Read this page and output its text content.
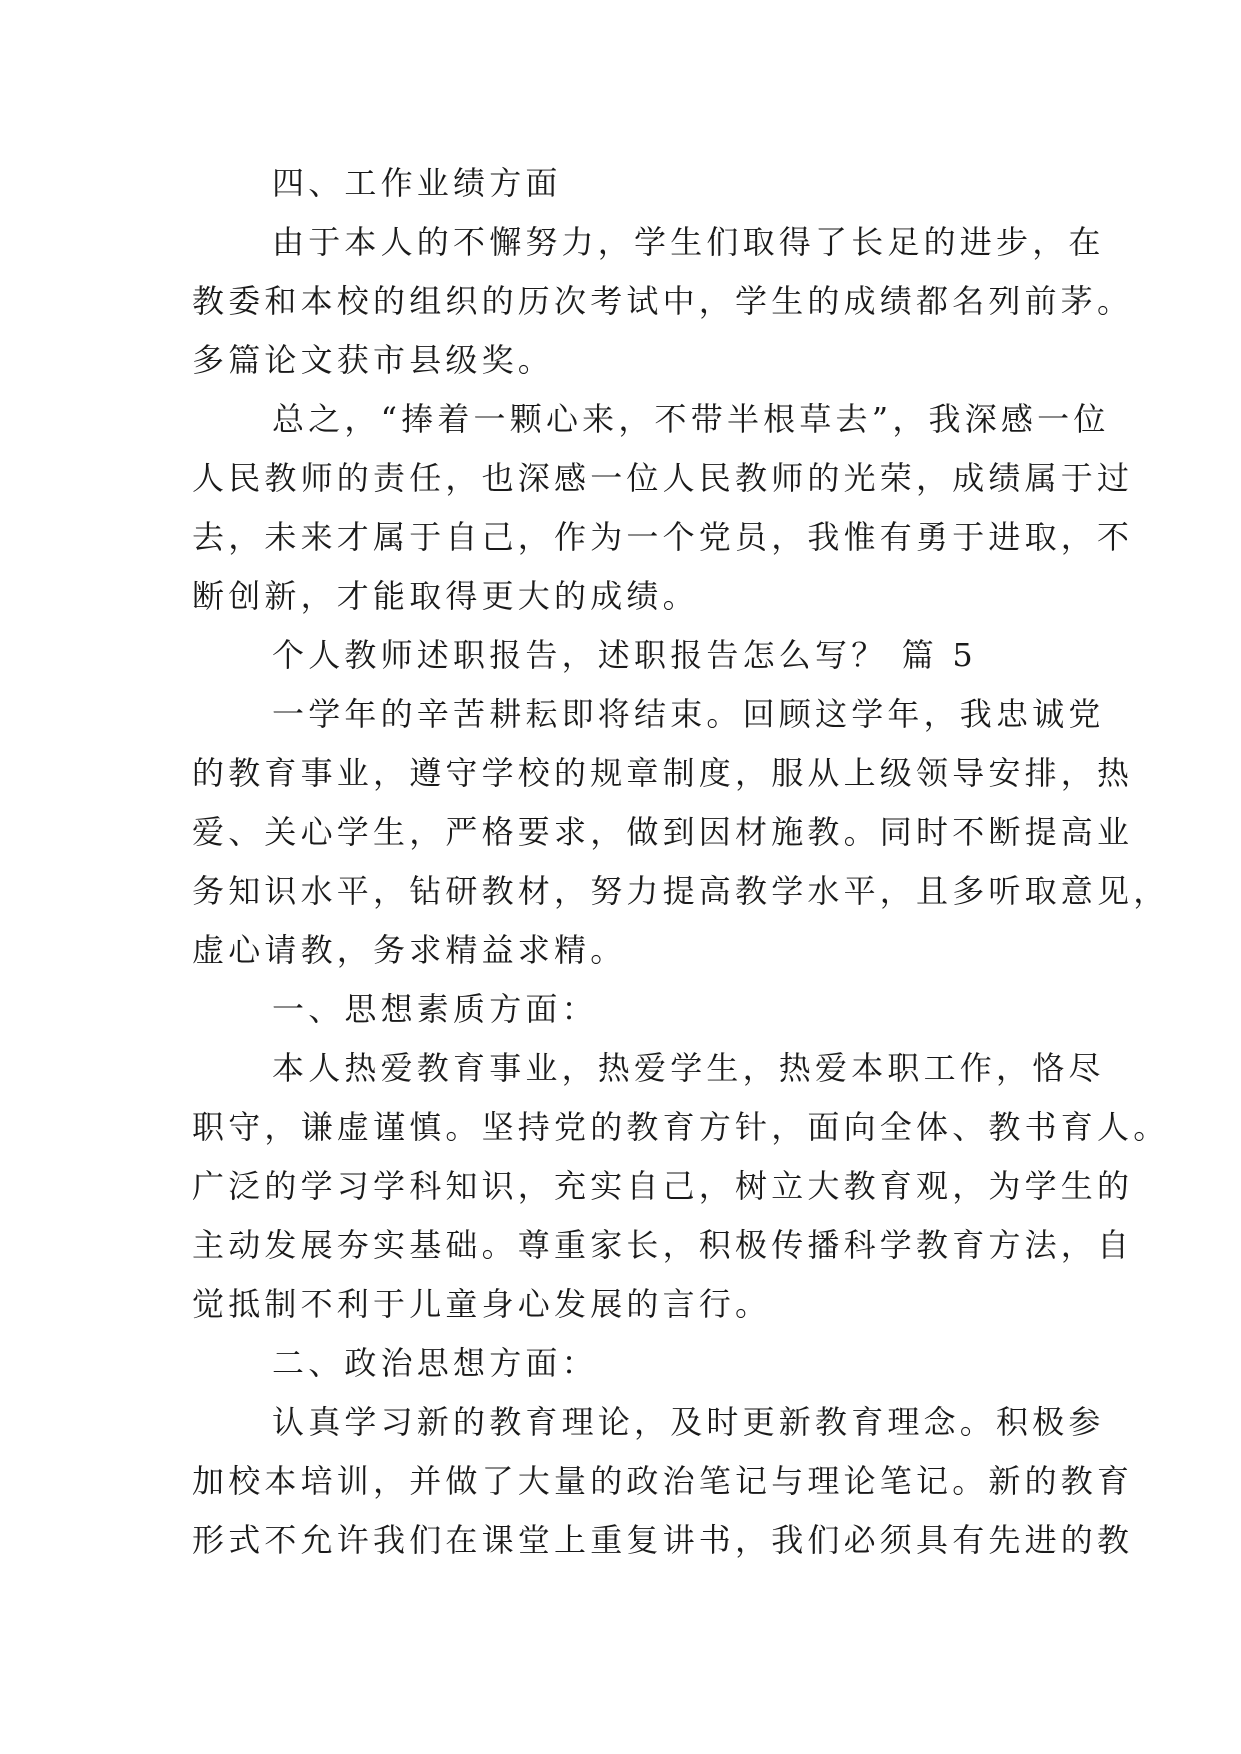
四、工作业绩方面
由于本人的不懈努力，学生们取得了长足的进步，在
教委和本校的组织的历次考试中，学生的成绩都名列前茅。
多篇论文获市县级奖。
总之，“捧着一颗心来，不带半根草去”，我深感一位
人民教师的责任，也深感一位人民教师的光荣，成绩属于过
去，未来才属于自己，作为一个党员，我惟有勇于进取，不
断创新，才能取得更大的成绩。
个人教师述职报告，述职报告怎么写？ 篇 5
一学年的辛苦耕耘即将结束。回顾这学年，我忠诚党
的教育事业，遵守学校的规章制度，服从上级领导安排，热
爱、关心学生，严格要求，做到因材施教。同时不断提高业
务知识水平，钻研教材，努力提高教学水平，且多听取意见，
虚心请教，务求精益求精。
一、思想素质方面：
本人热爱教育事业，热爱学生，热爱本职工作，恪尽
职守，谦虚谨慎。坚持党的教育方针，面向全体、教书育人。
广泛的学习学科知识，充实自己，树立大教育观，为学生的
主动发展夯实基础。尊重家长，积极传播科学教育方法，自
觉抵制不利于儿童身心发展的言行。
二、政治思想方面：
认真学习新的教育理论，及时更新教育理念。积极参
加校本培训，并做了大量的政治笔记与理论笔记。新的教育
形式不允许我们在课堂上重复讲书，我们必须具有先进的教
